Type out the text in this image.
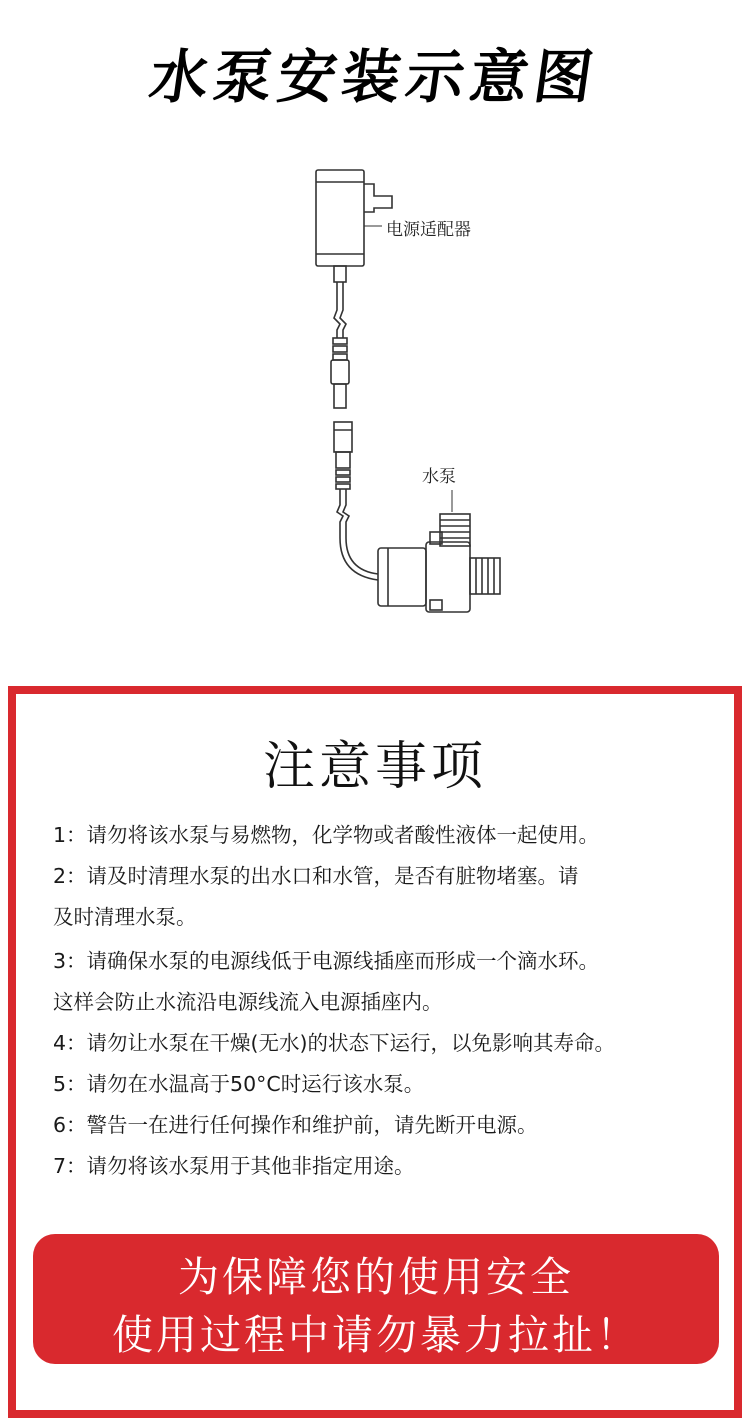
水泵安装示意图
电源适配器
水泵
注意事项
1：请勿将该水泵与易燃物，化学物或者酸性液体一起使用。
2：请及时清理水泵的出水口和水管，是否有脏物堵塞。请
及时清理水泵。
3：请确保水泵的电源线低于电源线插座而形成一个滴水环。
这样会防止水流沿电源线流入电源插座内。
4：请勿让水泵在干燥(无水)的状态下运行，以免影响其寿命。
5：请勿在水温高于50°C时运行该水泵。
6：警告一在进行任何操作和维护前，请先断开电源。
7：请勿将该水泵用于其他非指定用途。
为保障您的使用安全
使用过程中请勿暴力拉扯！
